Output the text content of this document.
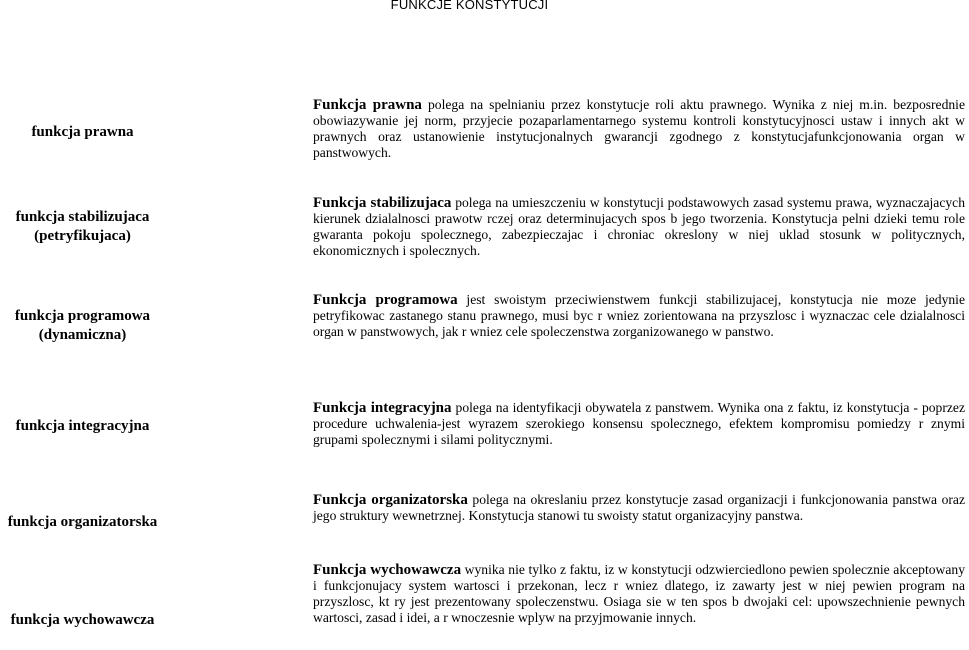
FUNKCJE KONSTYTUCJI
funkcja prawna
Funkcja prawna polega na spelnianiu przez konstytucje roli aktu prawnego. Wynika z niej m.in. bezposrednie obowiazywanie jej norm, przyjecie pozaparlamentarnego systemu kontroli konstytucyjnosci ustaw i innych akt w prawnych oraz ustanowienie instytucjonalnych gwarancji zgodnego z konstytucjafunkcjonowania organ w panstwowych.
funkcja stabilizujaca
(petryfikujaca)
Funkcja stabilizujaca polega na umieszczeniu w konstytucji podstawowych zasad systemu prawa, wyznaczajacych kierunek dzialalnosci prawotw rczej oraz determinujacych spos b jego tworzenia. Konstytucja pelni dzieki temu role gwaranta pokoju spolecznego, zabezpieczajac i chroniac okreslony w niej uklad stosunk w politycznych, ekonomicznych i spolecznych.
funkcja programowa
(dynamiczna)
Funkcja programowa jest swoistym przeciwienstwem funkcji stabilizujacej, konstytucja nie moze jedynie petryfikowac zastanego stanu prawnego, musi byc r wniez zorientowana na przyszlosc i wyznaczac cele dzialalnosci organ w panstwowych, jak r wniez cele spoleczenstwa zorganizowanego w panstwo.
funkcja integracyjna
Funkcja integracyjna polega na identyfikacji obywatela z panstwem. Wynika ona z faktu, iz konstytucja - poprzez procedure uchwalenia-jest wyrazem szerokiego konsensu spolecznego, efektem kompromisu pomiedzy r znymi grupami spolecznymi i silami politycznymi.
funkcja organizatorska
Funkcja organizatorska polega na okreslaniu przez konstytucje zasad organizacji i funkcjonowania panstwa oraz jego struktury wewnetrznej. Konstytucja stanowi tu swoisty statut organizacyjny panstwa.
funkcja wychowawcza
Funkcja wychowawcza wynika nie tylko z faktu, iz w konstytucji odzwierciedlono pewien spolecznie akceptowany i funkcjonujacy system wartosci i przekonan, lecz r wniez dlatego, iz zawarty jest w niej pewien program na przyszlosc, kt ry jest prezentowany spoleczenstwu. Osiaga sie w ten spos b dwojaki cel: upowszechnienie pewnych wartosci, zasad i idei, a r wnoczesnie wplyw na przyjmowanie innych.
